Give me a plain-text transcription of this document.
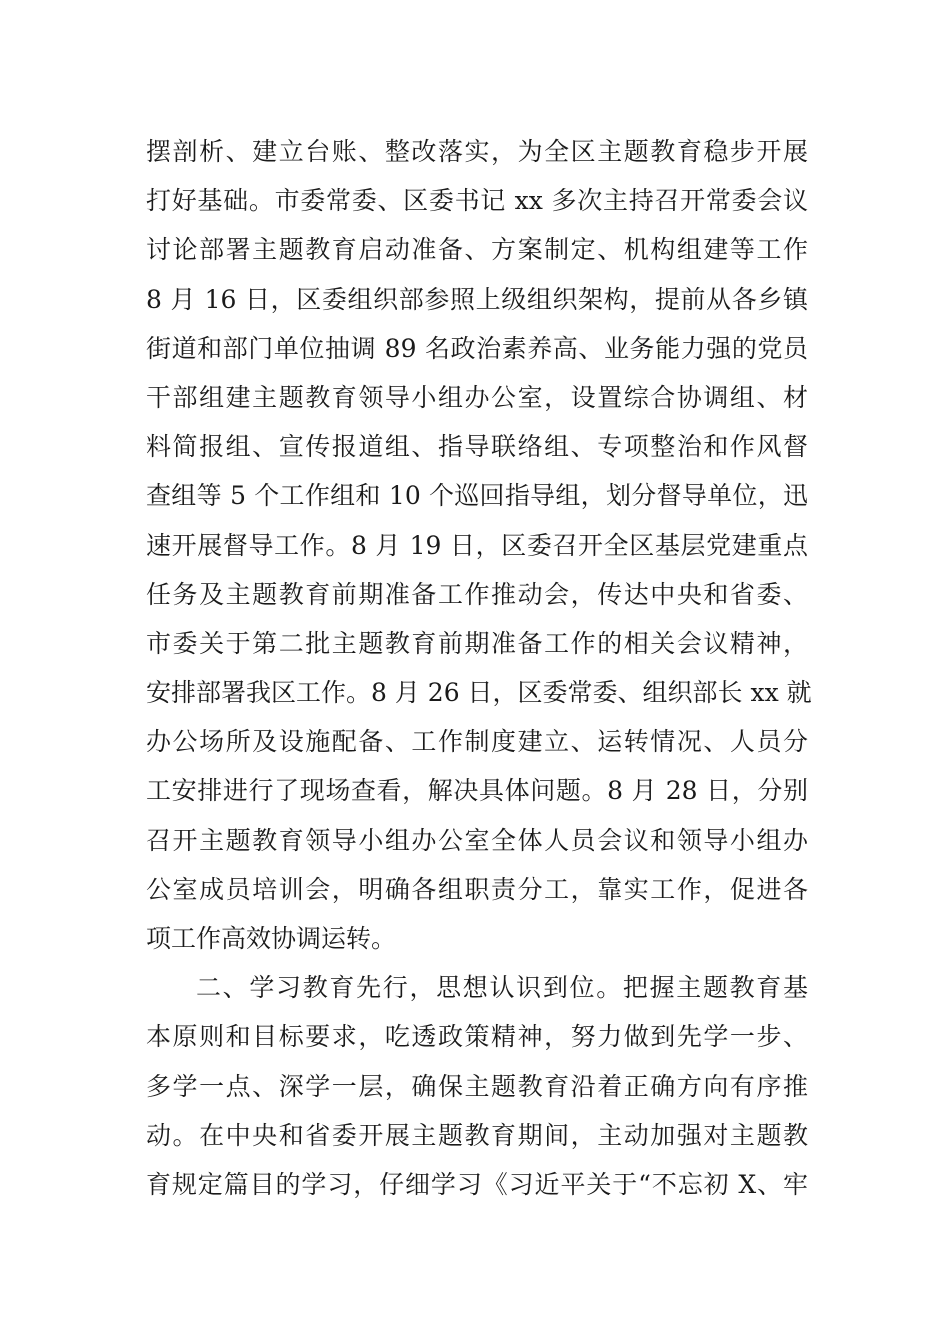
摆剖析、建立台账、整改落实，为全区主题教育稳步开展
打好基础。市委常委、区委书记 xx 多次主持召开常委会议
讨论部署主题教育启动准备、方案制定、机构组建等工作
8 月 16 日，区委组织部参照上级组织架构，提前从各乡镇
街道和部门单位抽调 89 名政治素养高、业务能力强的党员
干部组建主题教育领导小组办公室，设置综合协调组、材
料简报组、宣传报道组、指导联络组、专项整治和作风督
查组等 5 个工作组和 10 个巡回指导组，划分督导单位，迅
速开展督导工作。8 月 19 日，区委召开全区基层党建重点
任务及主题教育前期准备工作推动会，传达中央和省委、
市委关于第二批主题教育前期准备工作的相关会议精神，
安排部署我区工作。8 月 26 日，区委常委、组织部长 xx 就
办公场所及设施配备、工作制度建立、运转情况、人员分
工安排进行了现场查看，解决具体问题。8 月 28 日，分别
召开主题教育领导小组办公室全体人员会议和领导小组办
公室成员培训会，明确各组职责分工，靠实工作，促进各
项工作高效协调运转。
二、学习教育先行，思想认识到位。把握主题教育基
本原则和目标要求，吃透政策精神，努力做到先学一步、
多学一点、深学一层，确保主题教育沿着正确方向有序推
动。在中央和省委开展主题教育期间，主动加强对主题教
育规定篇目的学习，仔细学习《习近平关于“不忘初 X、牢
